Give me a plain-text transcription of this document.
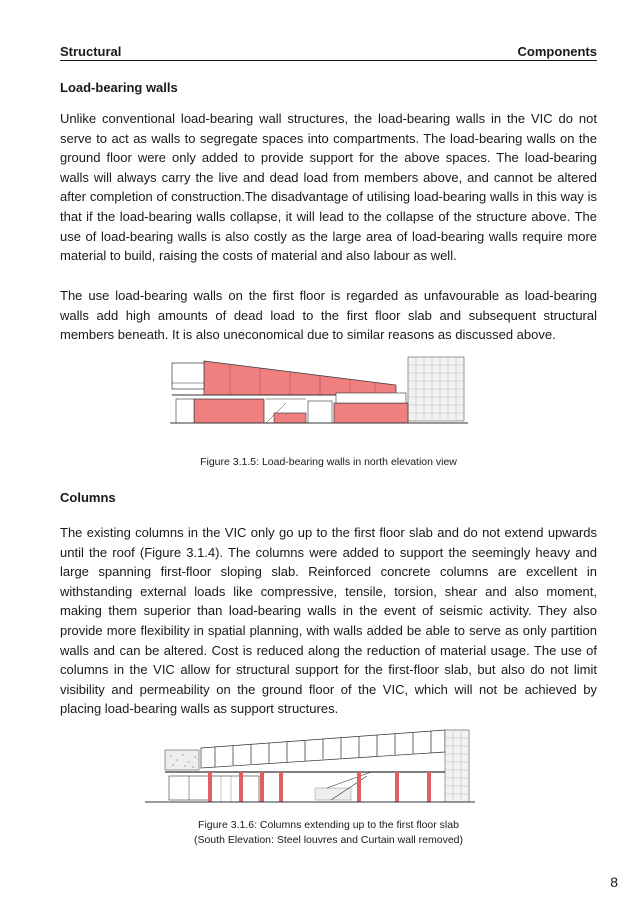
Structural	Components
Load-bearing walls
Unlike conventional load-bearing wall structures, the load-bearing walls in the VIC do not serve to act as walls to segregate spaces into compartments. The load-bearing walls on the ground floor were only added to provide support for the above spaces. The load-bearing walls will always carry the live and dead load from members above, and cannot be altered after completion of construction.The disadvantage of utilising load-bearing walls in this way is that if the load-bearing walls collapse, it will lead to the collapse of the structure above. The use of load-bearing walls is also costly as the large area of load-bearing walls require more material to build, raising the costs of material and also labour as well.
The use load-bearing walls on the first floor is regarded as unfavourable as load-bearing walls add high amounts of dead load to the first floor slab and subsequent structural members beneath. It is also uneconomical due to similar reasons as discussed above.
Figure 3.1.5: Load-bearing walls in north elevation view
Columns
The existing columns in the VIC only go up to the first floor slab and do not extend upwards until the roof (Figure 3.1.4). The columns were added to support the seemingly heavy and large spanning first-floor sloping slab. Reinforced concrete columns are excellent in withstanding external loads like compressive, tensile, torsion, shear and also moment, making them superior than load-bearing walls in the event of seismic activity. They also provide more flexibility in spatial planning, with walls added be able to serve as only partition walls and can be altered. Cost is reduced along the reduction of material usage. The use of columns in the VIC allow for structural support for the first-floor slab, but also do not limit visibility and permeability on the ground floor of the VIC, which will not be achieved by placing load-bearing walls as support structures.
Figure 3.1.6: Columns extending up to the first floor slab
(South Elevation: Steel louvres and Curtain wall removed)
8
